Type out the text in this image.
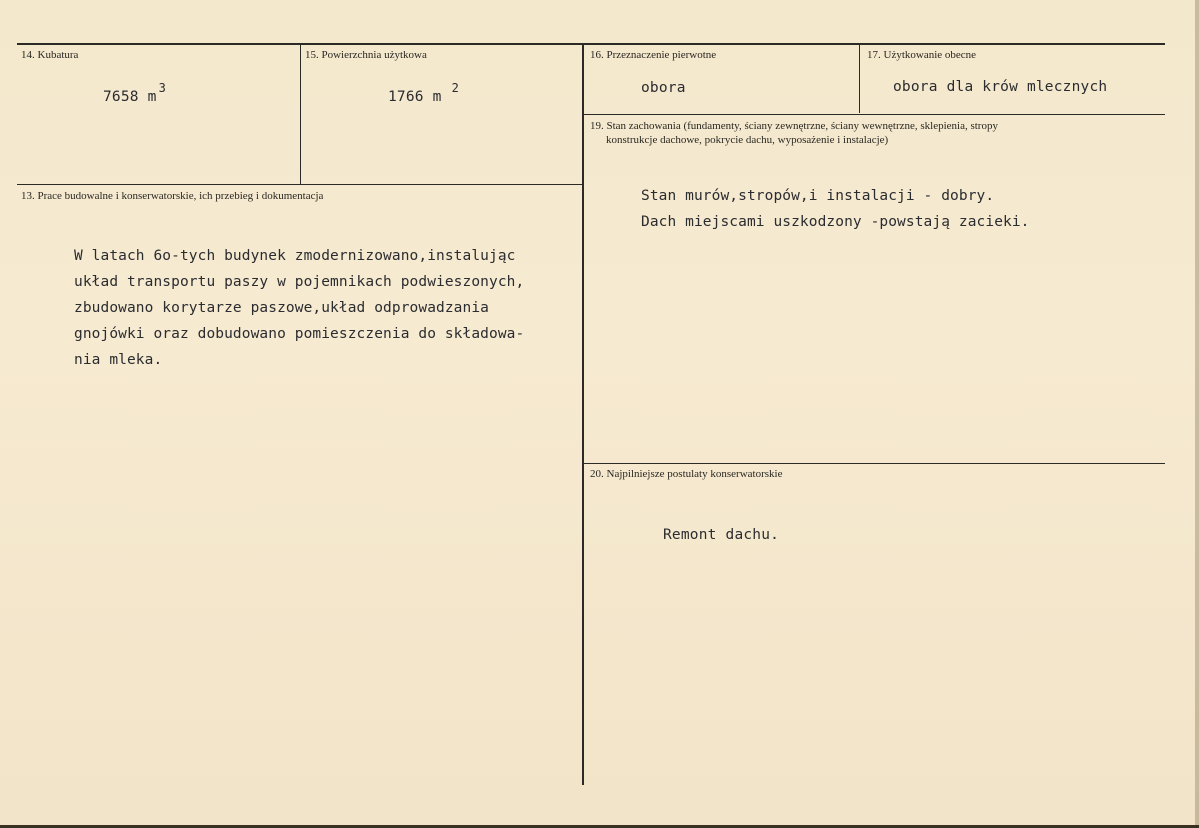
14. Kubatura
7658 $m^3$
15. Powierzchnia użytkowa
1766 $m^2$
16. Przeznaczenie pierwotne
obora
17. Użytkowanie obecne
obora dla krów mlecznych
13. Prace budowalne i konserwatorskie, ich przebieg i dokumentacja
W latach 6o-tych budynek zmodernizowano,instalując
układ transportu paszy w pojemnikach podwieszonych,
zbudowano korytarze paszowe,układ odprowadzania
gnojówki oraz dobudowano pomieszczenia do składowa-
nia mleka.
19. Stan zachowania (fundamenty, ściany zewnętrzne, ściany wewnętrzne, sklepienia, stropy
konstrukcje dachowe, pokrycie dachu, wyposażenie i instalacje)
Stan murów,stropów,i instalacji - dobry.
Dach miejscami uszkodzony -powstają zacieki.
20. Najpilniejsze postulaty konserwatorskie
Remont dachu.
